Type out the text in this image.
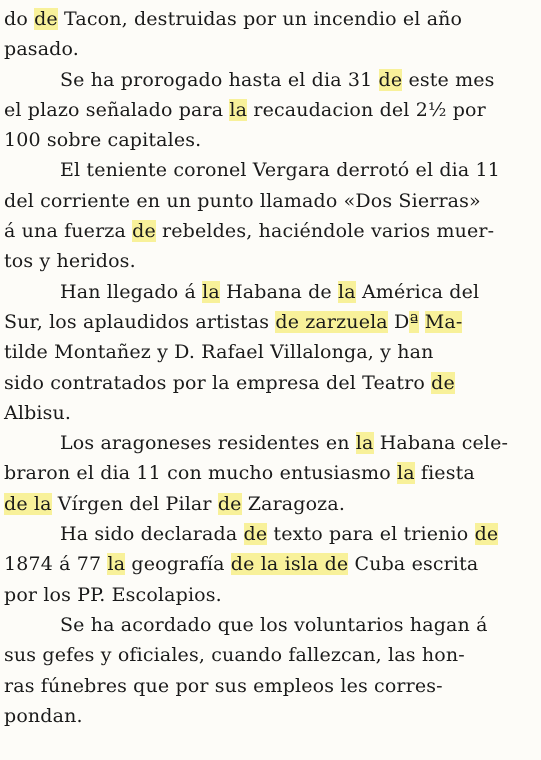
do de Tacon, destruidas por un incendio el año
pasado.

Se ha prorogado hasta el dia 31 de este mes
el plazo señalado para la recaudacion del 2½ por
100 sobre capitales.

El teniente coronel Vergara derrotó el dia 11
del corriente en un punto llamado «Dos Sierras»
á una fuerza de rebeldes, haciéndole varios muer-
tos y heridos.

Han llegado á la Habana de la América del
Sur, los aplaudidos artistas de zarzuela Dª Ma-
tilde Montañez y D. Rafael Villalonga, y han
sido contratados por la empresa del Teatro de
Albisu.

Los aragoneses residentes en la Habana cele-
braron el dia 11 con mucho entusiasmo la fiesta
de la Vírgen del Pilar de Zaragoza.

Ha sido declarada de texto para el trienio de
1874 á 77 la geografía de la isla de Cuba escrita
por los PP. Escolapios.

Se ha acordado que los voluntarios hagan á
sus gefes y oficiales, cuando fallezcan, las hon-
ras fúnebres que por sus empleos les corres-
pondan.
